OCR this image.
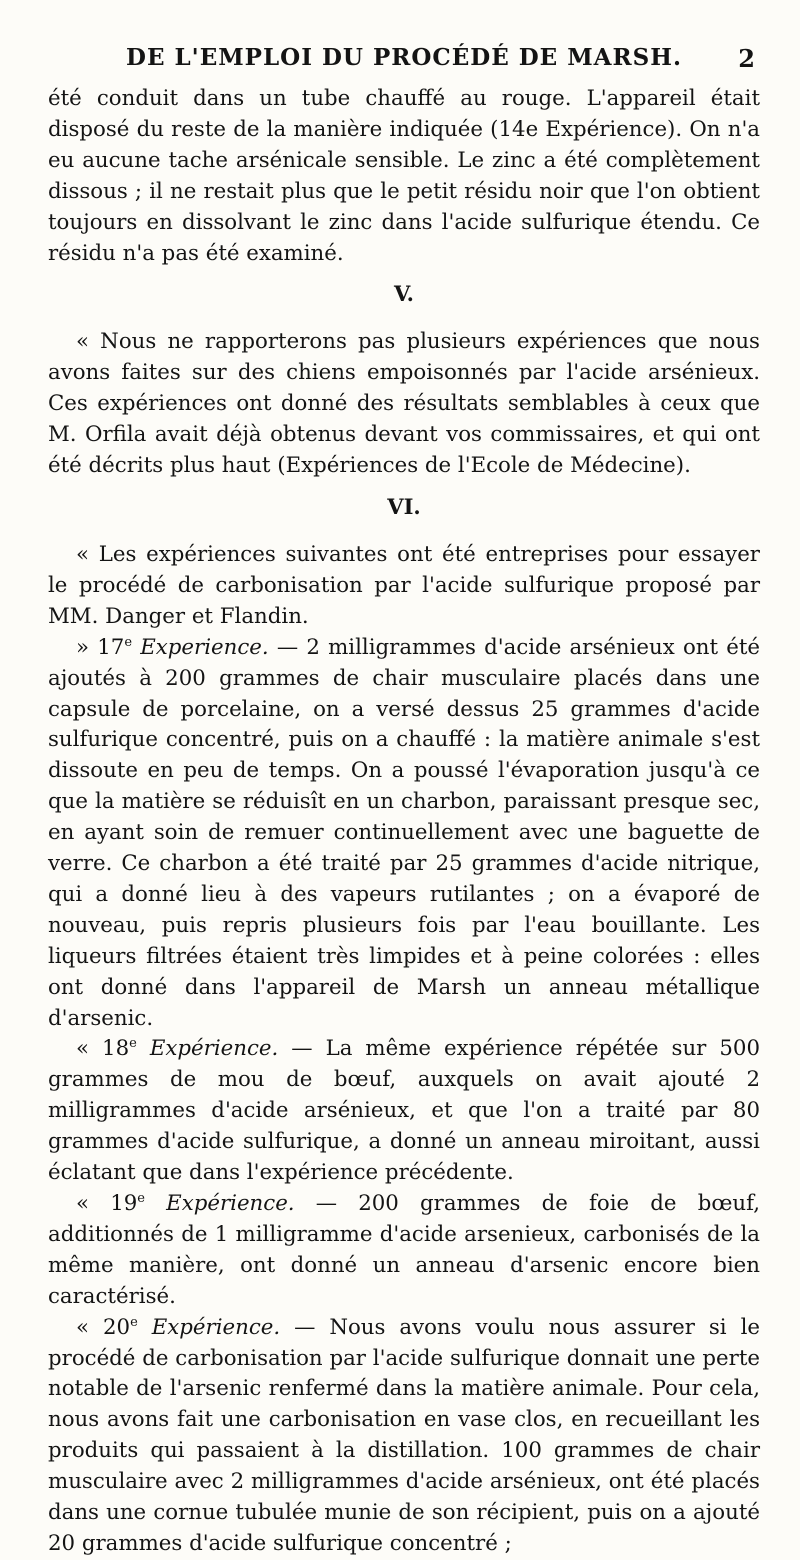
DE L'EMPLOI DU PROCÉDÉ DE MARSH. 2

été conduit dans un tube chauffé au rouge. L'appareil était disposé du reste de la manière indiquée (14e Expérience). On n'a eu aucune tache arsénicale sensible. Le zinc a été complètement dissous ; il ne restait plus que le petit résidu noir que l'on obtient toujours en dissolvant le zinc dans l'acide sulfurique étendu. Ce résidu n'a pas été examiné.

V.

« Nous ne rapporterons pas plusieurs expériences que nous avons faites sur des chiens empoisonnés par l'acide arsénieux. Ces expériences ont donné des résultats semblables à ceux que M. Orfila avait déjà obtenus devant vos commissaires, et qui ont été décrits plus haut (Expériences de l'Ecole de Médecine).

VI.

« Les expériences suivantes ont été entreprises pour essayer le procédé de carbonisation par l'acide sulfurique proposé par MM. Danger et Flandin.

» 17e Experience. — 2 milligrammes d'acide arsénieux ont été ajoutés à 200 grammes de chair musculaire placés dans une capsule de porcelaine, on a versé dessus 25 grammes d'acide sulfurique concentré, puis on a chauffé : la matière animale s'est dissoute en peu de temps. On a poussé l'évaporation jusqu'à ce que la matière se réduisît en un charbon, paraissant presque sec, en ayant soin de remuer continuellement avec une baguette de verre. Ce charbon a été traité par 25 grammes d'acide nitrique, qui a donné lieu à des vapeurs rutilantes ; on a évaporé de nouveau, puis repris plusieurs fois par l'eau bouillante. Les liqueurs filtrées étaient très limpides et à peine colorées : elles ont donné dans l'appareil de Marsh un anneau métallique d'arsenic.

« 18e Expérience. — La même expérience répétée sur 500 grammes de mou de bœuf, auxquels on avait ajouté 2 milligrammes d'acide arsénieux, et que l'on a traité par 80 grammes d'acide sulfurique, a donné un anneau miroitant, aussi éclatant que dans l'expérience précédente.

« 19e Expérience. — 200 grammes de foie de bœuf, additionnés de 1 milligramme d'acide arsenieux, carbonisés de la même manière, ont donné un anneau d'arsenic encore bien caractérisé.

« 20e Expérience. — Nous avons voulu nous assurer si le procédé de carbonisation par l'acide sulfurique donnait une perte notable de l'arsenic renfermé dans la matière animale. Pour cela, nous avons fait une carbonisation en vase clos, en recueillant les produits qui passaient à la distillation. 100 grammes de chair musculaire avec 2 milligrammes d'acide arsénieux, ont été placés dans une cornue tubulée munie de son récipient, puis on a ajouté 20 grammes d'acide sulfurique concentré ;
